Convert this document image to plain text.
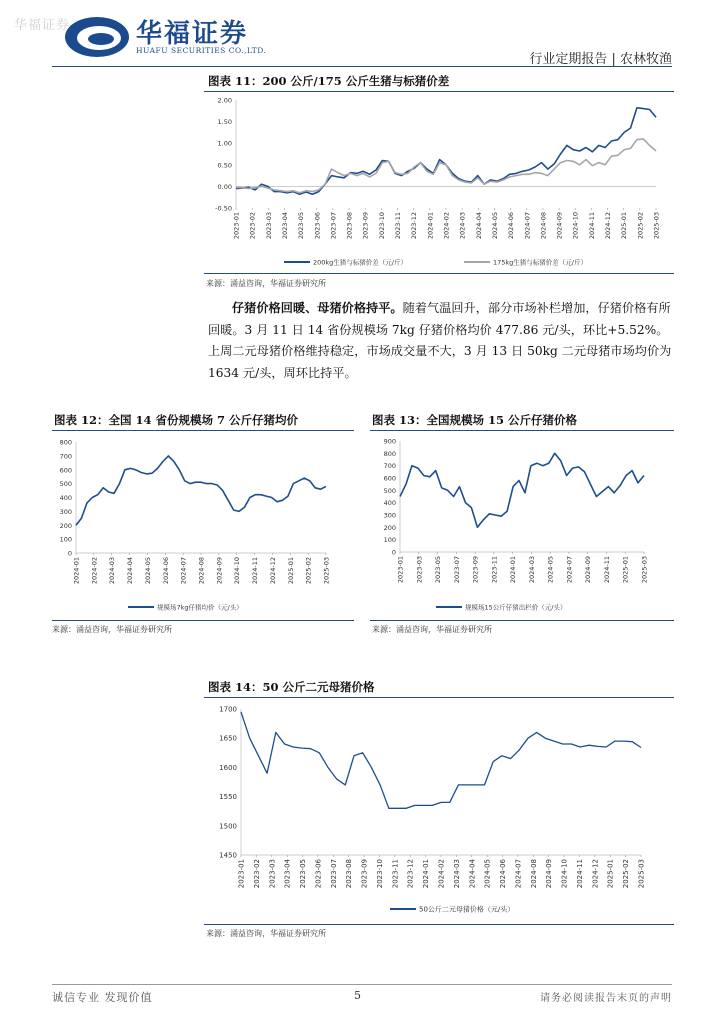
华福证券	华福证券
HUAFU SECURITIES CO.,LTD.
行业定期报告 | 农林牧渔
图表 11：200 公斤/175 公斤生猪与标猪价差
2.00
1.50
1.00
0.50
0.00
-0.50
2023-01 2023-02 2023-03 2023-04 2023-05 2023-06 2023-07 2023-08 2023-09 2023-10 2023-11 2023-12 2024-01 2024-02 2024-03 2024-04 2024-05 2024-06 2024-07 2024-08 2024-09 2024-10 2024-11 2024-12 2025-01 2025-02 2025-03
200kg生猪与标猪价差（元/斤）	175kg生猪与标猪价差（元/斤）
来源：涌益咨询，华福证券研究所
仔猪价格回暖、母猪价格持平。随着气温回升，部分市场补栏增加，仔猪价格有所回暖。3 月 11 日 14 省份规模场 7kg 仔猪价格均价 477.86 元/头，环比+5.52%。上周二元母猪价格维持稳定，市场成交量不大，3 月 13 日 50kg 二元母猪市场均价为 1634 元/头，周环比持平。
图表 12：全国 14 省份规模场 7 公斤仔猪均价
800
700
600
500
400
300
200
100
0
2024-01 2024-02 2024-03 2024-04 2024-05 2024-06 2024-07 2024-08 2024-09 2024-10 2024-11 2024-12 2025-01 2025-02 2025-03
规模场7kg仔猪均价（元/头）
来源：涌益咨询，华福证券研究所
图表 13：全国规模场 15 公斤仔猪价格
900
800
700
600
500
400
300
200
100
0
2023-01 2023-03 2023-05 2023-07 2023-09 2023-11 2024-01 2024-03 2024-05 2024-07 2024-09 2024-11 2025-01 2025-03
规模场15公斤仔猪出栏价（元/头）
来源：涌益咨询，华福证券研究所
图表 14：50 公斤二元母猪价格
1700
1650
1600
1550
1500
1450
2023-01 2023-02 2023-03 2023-04 2023-05 2023-06 2023-07 2023-08 2023-09 2023-10 2023-11 2023-12 2024-01 2024-02 2024-03 2024-04 2024-05 2024-06 2024-07 2024-08 2024-09 2024-10 2024-11 2024-12 2025-01 2025-02 2025-03
50公斤二元母猪价格（元/头）
来源：涌益咨询，华福证券研究所
诚信专业 发现价值	5	请务必阅读报告末页的声明
